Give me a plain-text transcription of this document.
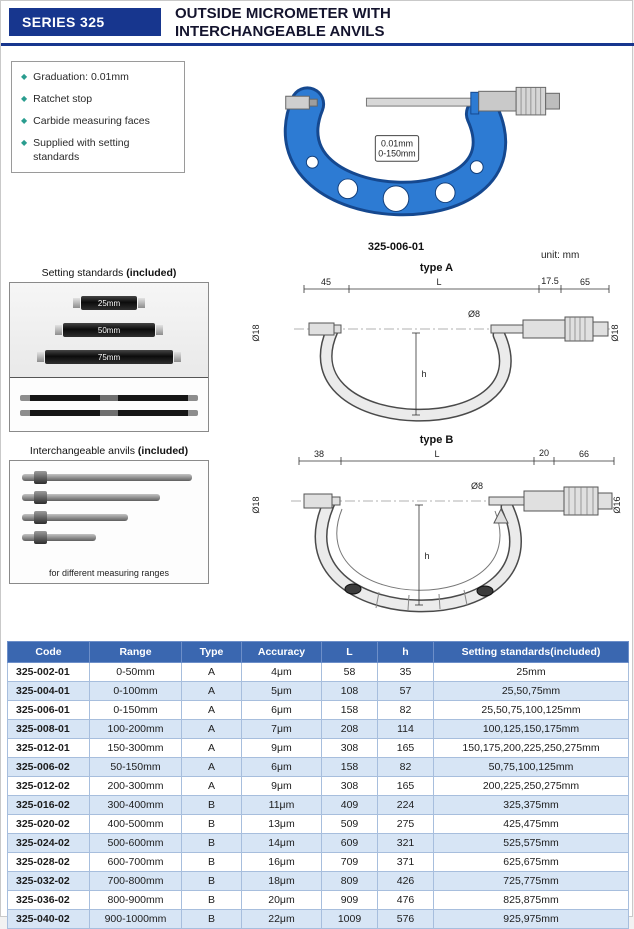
SERIES 325	OUTSIDE MICROMETER WITH
INTERCHANGEABLE ANVILS
◆ Graduation: 0.01mm
◆ Ratchet stop
◆ Carbide measuring faces
◆ Supplied with setting standards
0.01mm
0-150mm
325-006-01
unit: mm
Setting standards (included)
25mm
50mm
75mm
Interchangeable anvils (included)
for different measuring ranges
type A
45	L	17.5 65
Ø18
Ø8
Ø18
h
type B
38	L	20	66
Ø18
Ø8
Ø16
h
Code	Range	Type	Accuracy	L	h	Setting standards(included)
325-002-01	0-50mm	A	4μm	58	35	25mm
325-004-01	0-100mm	A	5μm	108	57	25,50,75mm
325-006-01	0-150mm	A	6μm	158	82	25,50,75,100,125mm
325-008-01	100-200mm	A	7μm	208	114	100,125,150,175mm
325-012-01	150-300mm	A	9μm	308	165	150,175,200,225,250,275mm
325-006-02	50-150mm	A	6μm	158	82	50,75,100,125mm
325-012-02	200-300mm	A	9μm	308	165	200,225,250,275mm
325-016-02	300-400mm	B	11μm	409	224	325,375mm
325-020-02	400-500mm	B	13μm	509	275	425,475mm
325-024-02	500-600mm	B	14μm	609	321	525,575mm
325-028-02	600-700mm	B	16μm	709	371	625,675mm
325-032-02	700-800mm	B	18μm	809	426	725,775mm
325-036-02	800-900mm	B	20μm	909	476	825,875mm
325-040-02	900-1000mm	B	22μm	1009	576	925,975mm
